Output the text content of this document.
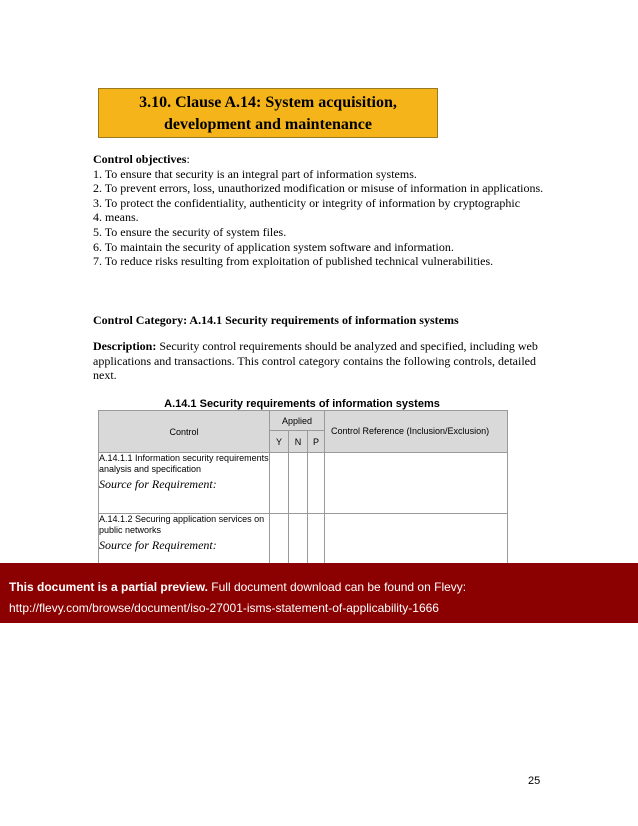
3.10. Clause A.14: System acquisition,
development and maintenance

Control objectives:

1. To ensure that security is an integral part of information systems.

2. To prevent errors, loss, unauthorized modification or misuse of information in applications.

3. To protect the confidentiality, authenticity or integrity of information by cryptographic

4. means.

5. To ensure the security of system files.

6. To maintain the security of application system software and information.

7. To reduce risks resulting from exploitation of published technical vulnerabilities.

Control Category: A.14.1 Security requirements of information systems
Description: Security control requirements should be analyzed and specified, including web applications and transactions. This control category contains the following controls, detailed next.
A.14.1 Security requirements of information systems
Control	Applied			Control Reference (Inclusion/Exclusion)
	Y	N	P	
A.14.1.1 Information security requirements analysis and specification
Source for Requirement:				

A.14.1.2 Securing application services on public networks
Source for Requirement:				

This document is a partial preview. Full document download can be found on Flevy:
http://flevy.com/browse/document/iso-27001-isms-statement-of-applicability-1666
25
